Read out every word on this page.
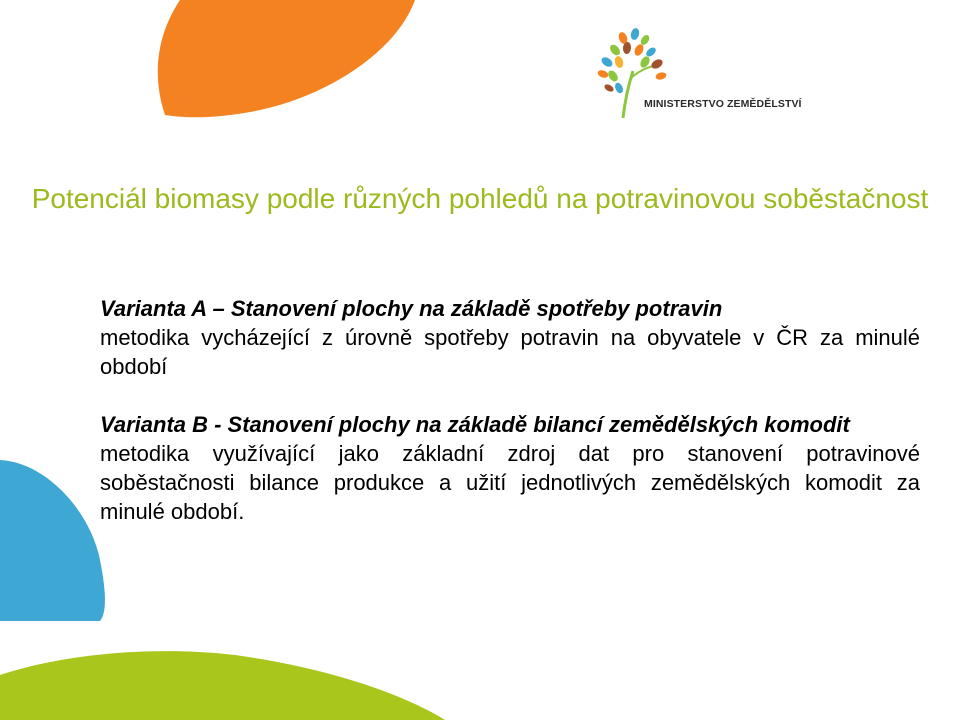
MINISTERSTVO ZEMĚDĚLSTVÍ
Potenciál biomasy podle různých pohledů na potravinovou soběstačnost
Varianta A – Stanovení plochy na základě spotřeby potravin
metodika vycházející z úrovně spotřeby potravin na obyvatele v ČR za minulé období
Varianta B - Stanovení plochy na základě bilancí zemědělských komodit
metodika využívající jako základní zdroj dat pro stanovení potravinové soběstačnosti bilance produkce a užití jednotlivých zemědělských komodit za minulé období.
